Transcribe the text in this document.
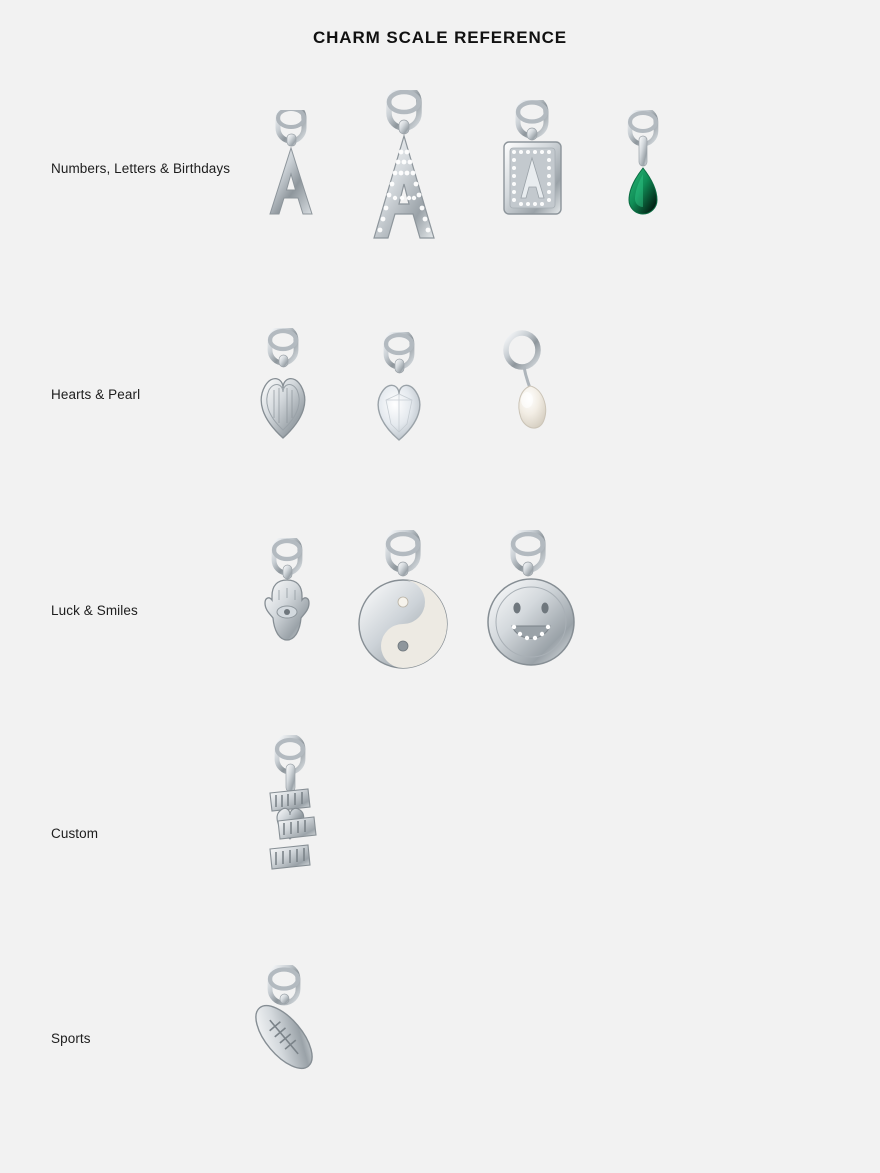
CHARM SCALE REFERENCE
Numbers, Letters & Birthdays
Hearts & Pearl
Luck & Smiles
Custom
Sports
